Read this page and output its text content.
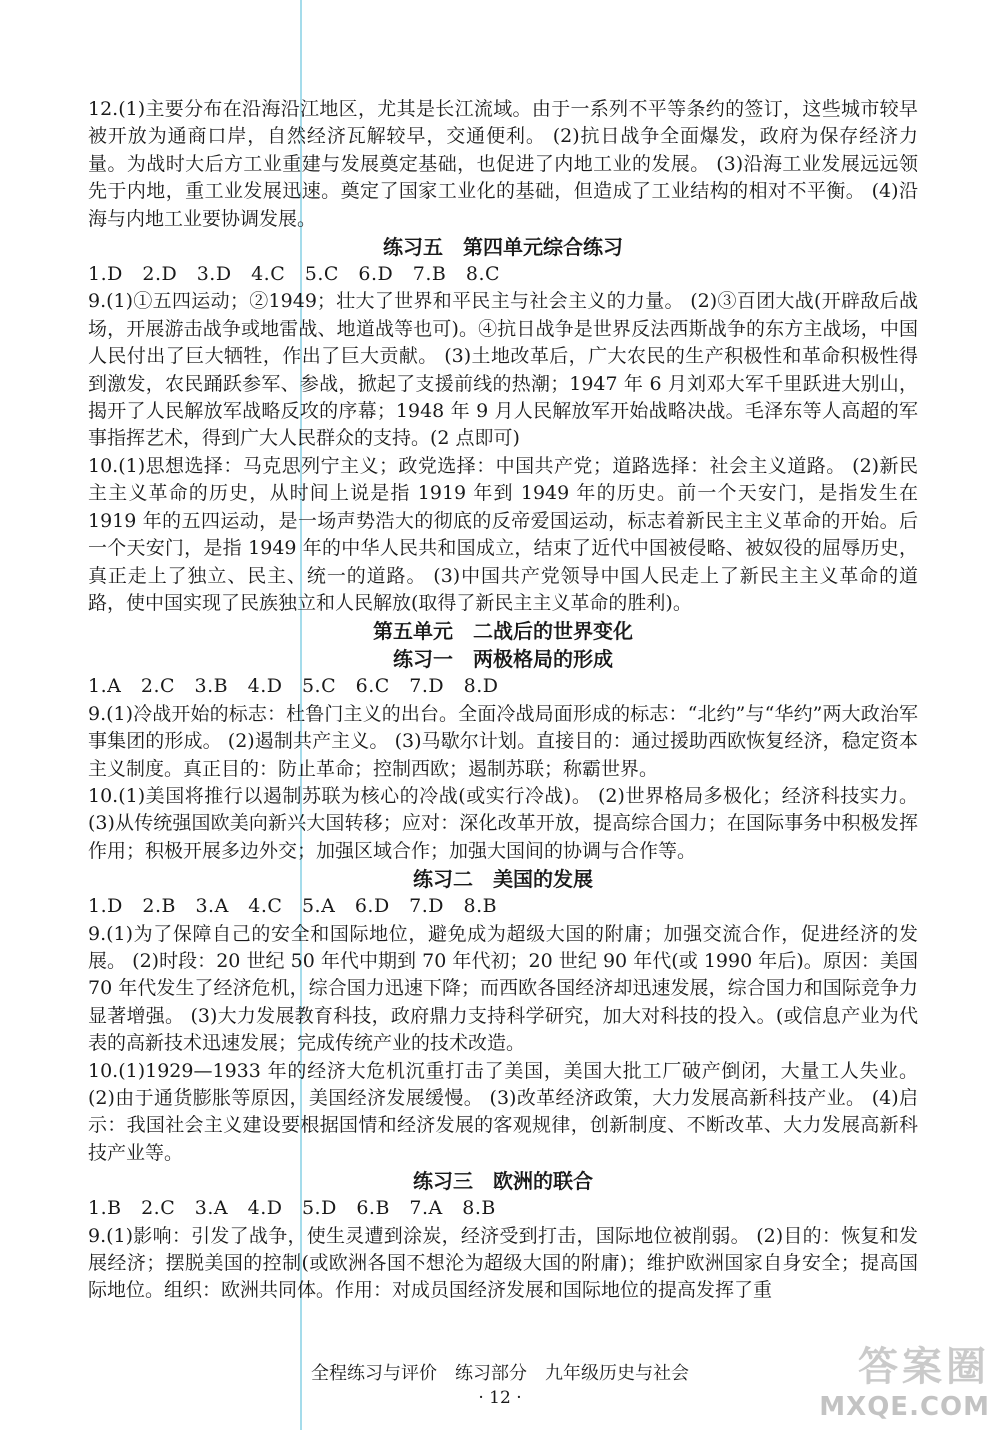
12.(1)主要分布在沿海沿江地区，尤其是长江流域。由于一系列不平等条约的签订，这些城市较早被开放为通商口岸，自然经济瓦解较早，交通便利。 (2)抗日战争全面爆发，政府为保存经济力量。为战时大后方工业重建与发展奠定基础，也促进了内地工业的发展。 (3)沿海工业发展远远领先于内地，重工业发展迅速。奠定了国家工业化的基础，但造成了工业结构的相对不平衡。 (4)沿海与内地工业要协调发展。

练习五　第四单元综合练习

1.D　2.D　3.D　4.C　5.C　6.D　7.B　8.C

9.(1)①五四运动；②1949；壮大了世界和平民主与社会主义的力量。 (2)③百团大战(开辟敌后战场，开展游击战争或地雷战、地道战等也可)。④抗日战争是世界反法西斯战争的东方主战场，中国人民付出了巨大牺牲，作出了巨大贡献。 (3)土地改革后，广大农民的生产积极性和革命积极性得到激发，农民踊跃参军、参战，掀起了支援前线的热潮；1947 年 6 月刘邓大军千里跃进大别山，揭开了人民解放军战略反攻的序幕；1948 年 9 月人民解放军开始战略决战。毛泽东等人高超的军事指挥艺术，得到广大人民群众的支持。(2 点即可)

10.(1)思想选择：马克思列宁主义；政党选择：中国共产党；道路选择：社会主义道路。 (2)新民主主义革命的历史，从时间上说是指 1919 年到 1949 年的历史。前一个天安门，是指发生在 1919 年的五四运动，是一场声势浩大的彻底的反帝爱国运动，标志着新民主主义革命的开始。后一个天安门，是指 1949 年的中华人民共和国成立，结束了近代中国被侵略、被奴役的屈辱历史，真正走上了独立、民主、统一的道路。 (3)中国共产党领导中国人民走上了新民主主义革命的道路，使中国实现了民族独立和人民解放(取得了新民主主义革命的胜利)。

第五单元　二战后的世界变化

练习一　两极格局的形成

1.A　2.C　3.B　4.D　5.C　6.C　7.D　8.D

9.(1)冷战开始的标志：杜鲁门主义的出台。全面冷战局面形成的标志：“北约”与“华约”两大政治军事集团的形成。 (2)遏制共产主义。 (3)马歇尔计划。直接目的：通过援助西欧恢复经济，稳定资本主义制度。真正目的：防止革命；控制西欧；遏制苏联；称霸世界。

10.(1)美国将推行以遏制苏联为核心的冷战(或实行冷战)。 (2)世界格局多极化；经济科技实力。 (3)从传统强国欧美向新兴大国转移；应对：深化改革开放，提高综合国力；在国际事务中积极发挥作用；积极开展多边外交；加强区域合作；加强大国间的协调与合作等。

练习二　美国的发展

1.D　2.B　3.A　4.C　5.A　6.D　7.D　8.B

9.(1)为了保障自己的安全和国际地位，避免成为超级大国的附庸；加强交流合作，促进经济的发展。 (2)时段：20 世纪 50 年代中期到 70 年代初；20 世纪 90 年代(或 1990 年后)。原因：美国 70 年代发生了经济危机，综合国力迅速下降；而西欧各国经济却迅速发展，综合国力和国际竞争力显著增强。 (3)大力发展教育科技，政府鼎力支持科学研究，加大对科技的投入。(或信息产业为代表的高新技术迅速发展；完成传统产业的技术改造。

10.(1)1929—1933 年的经济大危机沉重打击了美国，美国大批工厂破产倒闭，大量工人失业。 (2)由于通货膨胀等原因，美国经济发展缓慢。 (3)改革经济政策，大力发展高新科技产业。 (4)启示：我国社会主义建设要根据国情和经济发展的客观规律，创新制度、不断改革、大力发展高新科技产业等。

练习三　欧洲的联合

1.B　2.C　3.A　4.D　5.D　6.B　7.A　8.B

9.(1)影响：引发了战争，使生灵遭到涂炭，经济受到打击，国际地位被削弱。 (2)目的：恢复和发展经济；摆脱美国的控制(或欧洲各国不想沦为超级大国的附庸)；维护欧洲国家自身安全；提高国际地位。组织：欧洲共同体。作用：对成员国经济发展和国际地位的提高发挥了重

全程练习与评价　练习部分　九年级历史与社会
· 12 ·
答案圈
MXQE.COM
